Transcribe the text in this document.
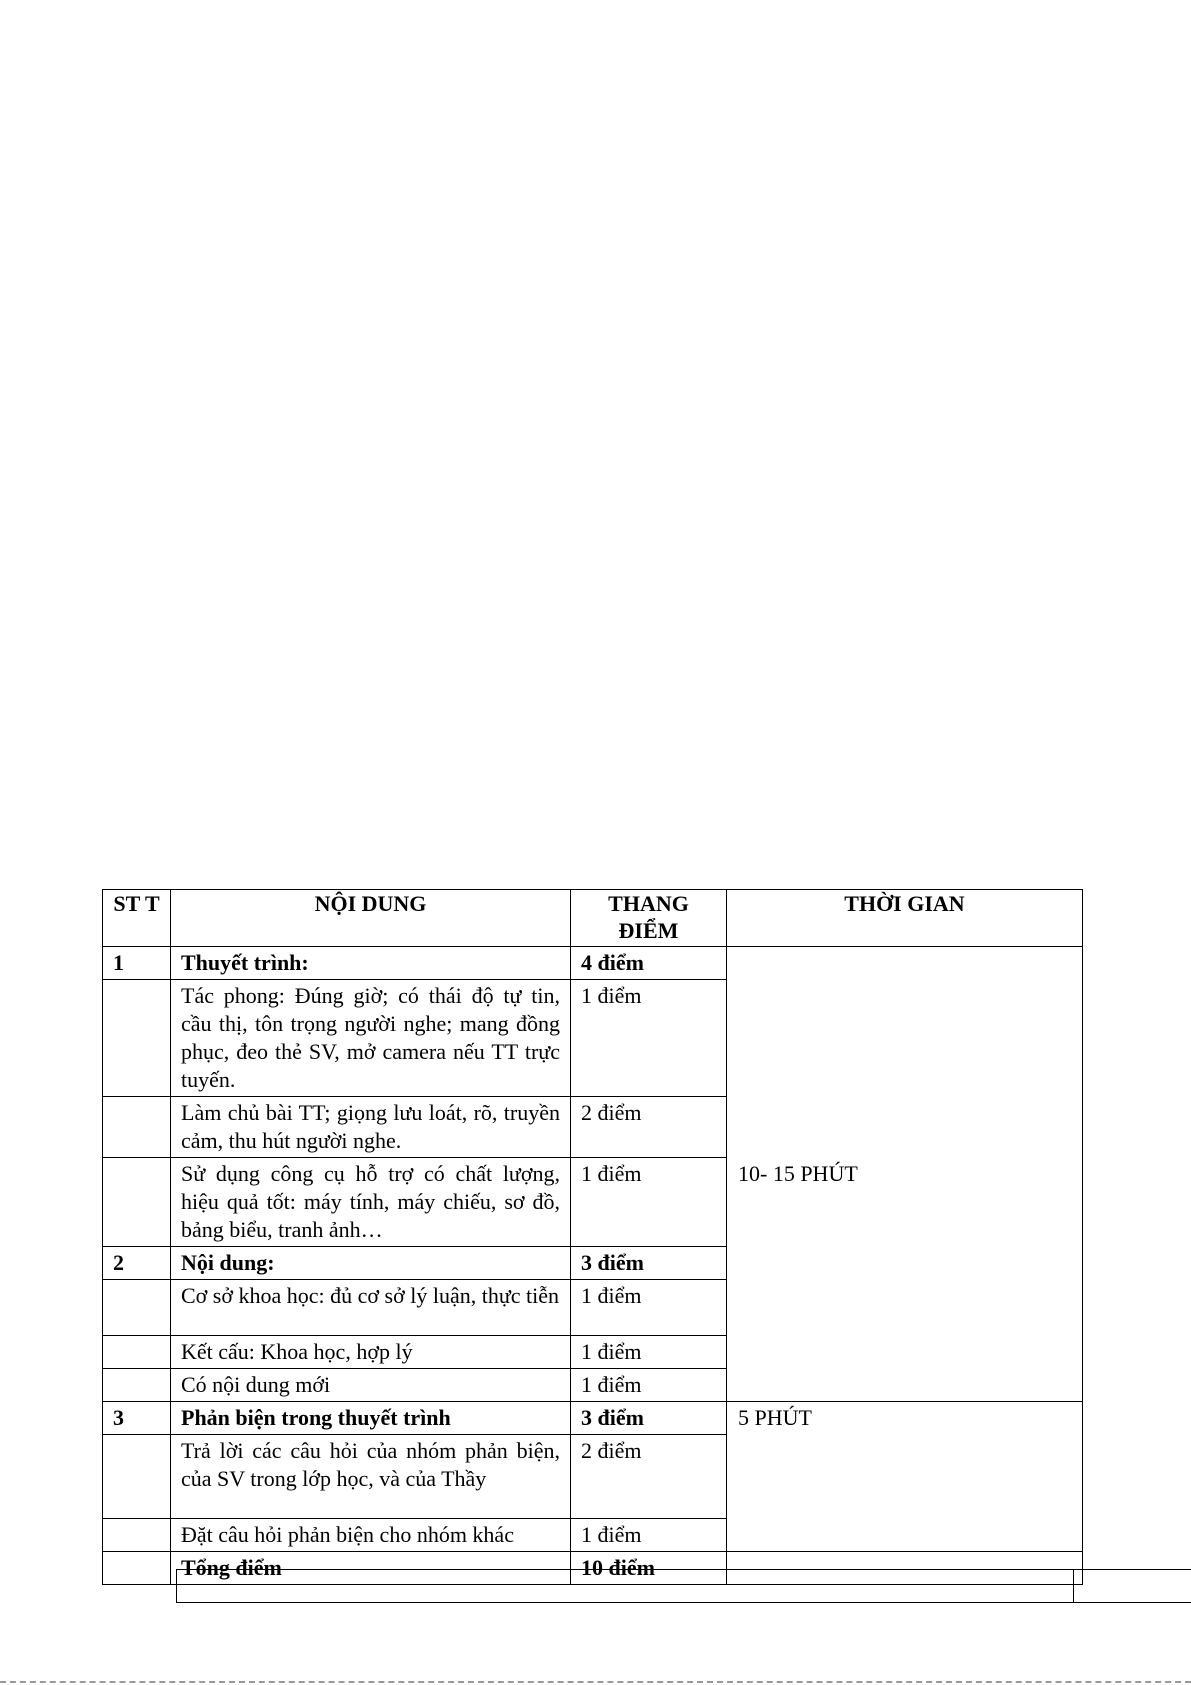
ST T	NỘI DUNG	THANG ĐIỂM	THỜI GIAN
1	Thuyết trình:	4 điểm	10- 15 PHÚT
	Tác phong: Đúng giờ; có thái độ tự tin, cầu thị, tôn trọng người nghe; mang đồng phục, đeo thẻ SV, mở camera nếu TT trực tuyến.	1 điểm	
	Làm chủ bài TT; giọng lưu loát, rõ, truyền cảm, thu hút người nghe.	2 điểm	
	Sử dụng công cụ hỗ trợ có chất lượng, hiệu quả tốt: máy tính, máy chiếu, sơ đồ, bảng biểu, tranh ảnh…	1 điểm	
2	Nội dung:	3 điểm	
	Cơ sở khoa học: đủ cơ sở lý luận, thực tiễn	1 điểm	
	Kết cấu: Khoa học, hợp lý	1 điểm	
	Có nội dung mới	1 điểm	
3	Phản biện trong thuyết trình	3 điểm	5 PHÚT
	Trả lời các câu hỏi của nhóm phản biện, của SV trong lớp học, và của Thầy	2 điểm	
	Đặt câu hỏi phản biện cho nhóm khác	1 điểm	
	Tổng điểm	10 điểm	
